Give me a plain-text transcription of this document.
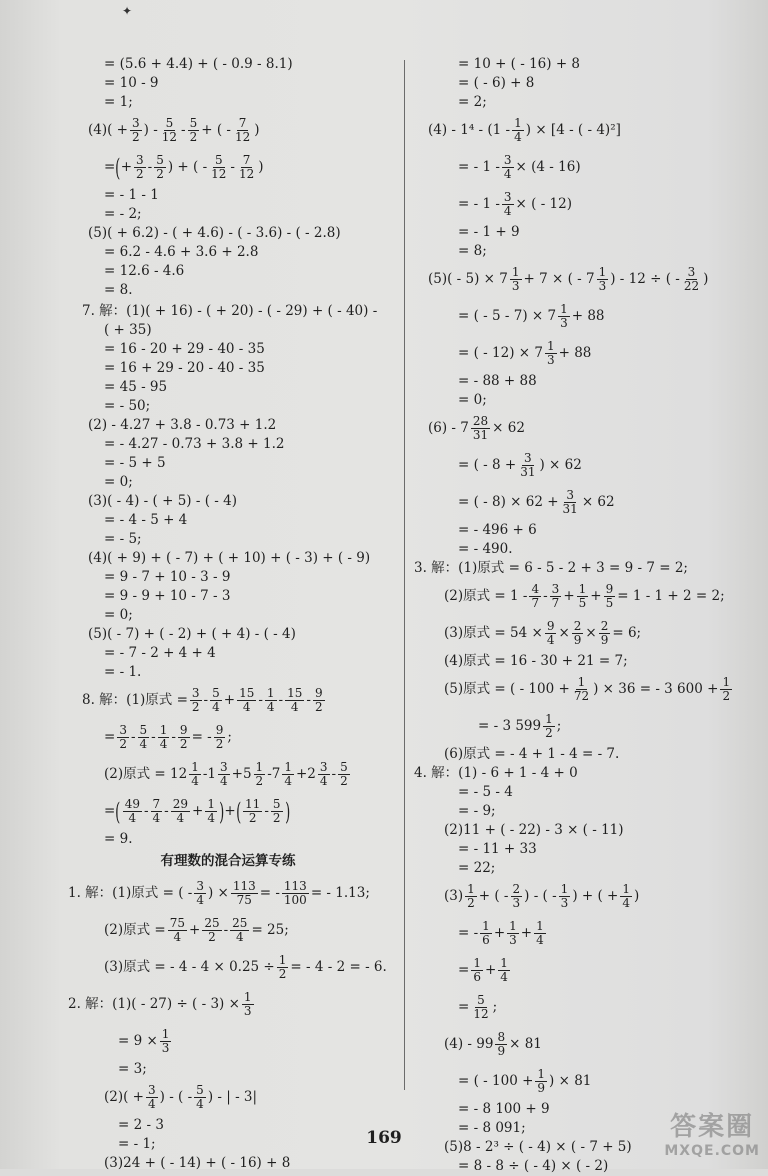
✦
= (5.6 + 4.4) + ( - 0.9 - 8.1)
= 10 - 9
= 1;
$(4)( + \frac{3}{2}$ ) - $\frac{5}{12} - \frac{5}{2}$ + ( - $\frac{7}{12}$ )
= ( + $\frac{3}{2} - \frac{5}{2}$ ) + ( - $\frac{5}{12} - \frac{7}{12}$ )
= - 1 - 1
= - 2;
(5)( + 6.2) - ( + 4.6) - ( - 3.6) - ( - 2.8)
= 6.2 - 4.6 + 3.6 + 2.8
= 12.6 - 4.6
= 8.
7. 解：(1)( + 16) - ( + 20) - ( - 29) + ( - 40) -
( + 35)
= 16 - 20 + 29 - 40 - 35
= 16 + 29 - 20 - 40 - 35
= 45 - 95
= - 50;
(2) - 4.27 + 3.8 - 0.73 + 1.2
= - 4.27 - 0.73 + 3.8 + 1.2
= - 5 + 5
= 0;
(3)( - 4) - ( + 5) - ( - 4)
= - 4 - 5 + 4
= - 5;
(4)( + 9) + ( - 7) + ( + 10) + ( - 3) + ( - 9)
= 9 - 7 + 10 - 3 - 9
= 9 - 9 + 10 - 7 - 3
= 0;
(5)( - 7) + ( - 2) + ( + 4) - ( - 4)
= - 7 - 2 + 4 + 4
= - 1.
8. 解：(1)原式 = $\frac{3}{2} - \frac{5}{4} + \frac{15}{4} - \frac{1}{4} - \frac{15}{4} - \frac{9}{2}$
= $\frac{3}{2} - \frac{5}{4} - \frac{1}{4} - \frac{9}{2}$ = - $\frac{9}{2}$ ;
(2)原式 = $12 \frac{1}{4} - 1 \frac{3}{4} + 5 \frac{1}{2} - 7 \frac{1}{4} + 2 \frac{3}{4} - \frac{5}{2}$
= ( $\frac{49}{4} - \frac{7}{4} - \frac{29}{4} + \frac{1}{4}$ ) + ( $\frac{11}{2} - \frac{5}{2}$ )
= 9.
有理数的混合运算专练
1. 解：(1)原式 = ( - $\frac{3}{4}$ ) × $\frac{113}{75}$ = - $\frac{113}{100}$ = - 1.13;
(2)原式 = $\frac{75}{4} + \frac{25}{2} - \frac{25}{4} = 25$;
(3)原式 = - $4 - 4 \times 0.25 \div \frac{1}{2}$ = - 4 - 2 = - 6.
2. 解：(1)( - 27) ÷ ( - $3) \times \frac{1}{3}$
= $9 \times \frac{1}{3}$
= 3;
$(2)( + \frac{3}{4}$ ) - ( - $\frac{5}{4}$ ) - | - 3|
= 2 - 3
= - 1;
(3)24 + ( - 14) + ( - 16) + 8
= 10 + ( - 16) + 8
= ( - 6) + 8
= 2;
$(4) - 1^4 - (1 - \frac{1}{4}$ ) × [4 - ( - 4)²]
= - $1 - \frac{3}{4} \times (4 - 16)$
= - $1 - \frac{3}{4}$ × ( - 12)
= - 1 + 9
= 8;
$(5)( - 5) \times 7 \frac{1}{3} + 7$ × ( - $7 \frac{1}{3}$ ) - 12 ÷ ( - $\frac{3}{22}$ )
= ( - $5 - 7) \times 7 \frac{1}{3} + 88$
= ( - $12) \times 7 \frac{1}{3} + 88$
= - 88 + 88
= 0;
$(6) - 7 \frac{28}{31} \times 62$
= ( - $8 + \frac{3}{31}$ ) × 62
= ( - $8) \times 62 + \frac{3}{31} \times 62$
= - 496 + 6
= - 490.
3. 解：(1)原式 = 6 - 5 - 2 + 3 = 9 - 7 = 2;
(2)原式 = $1 - \frac{4}{7} - \frac{3}{7} + \frac{1}{5} + \frac{9}{5} = 1 - 1 + 2 = 2$;
(3)原式 = $54 \times \frac{9}{4} \times \frac{2}{9} \times \frac{2}{9} = 6$;
(4)原式 = 16 - 30 + 21 = 7;
(5)原式 = ( - $100 + \frac{1}{72}$ ) × 36 = - 3 $600 + \frac{1}{2}$
= - 3 $599 \frac{1}{2}$ ;
(6)原式 = - 4 + 1 - 4 = - 7.
4. 解：(1) - 6 + 1 - 4 + 0
= - 5 - 4
= - 9;
(2)11 + ( - 22) - 3 × ( - 11)
= - 11 + 33
= 22;
$(3) \frac{1}{2}$ + ( - $\frac{2}{3}$ ) - ( - $\frac{1}{3}$ ) + ( + $\frac{1}{4}$ )
= - $\frac{1}{6} + \frac{1}{3} + \frac{1}{4}$
= $\frac{1}{6} + \frac{1}{4}$
= $\frac{5}{12}$ ;
$(4) - 99 \frac{8}{9} \times 81$
= ( - $100 + \frac{1}{9}$ ) × 81
= - 8 100 + 9
= - 8 091;
(5)8 - 2³ ÷ ( - 4) × ( - 7 + 5)
= 8 - 8 ÷ ( - 4) × ( - 2)
169	答案圈
MXQE.COM
